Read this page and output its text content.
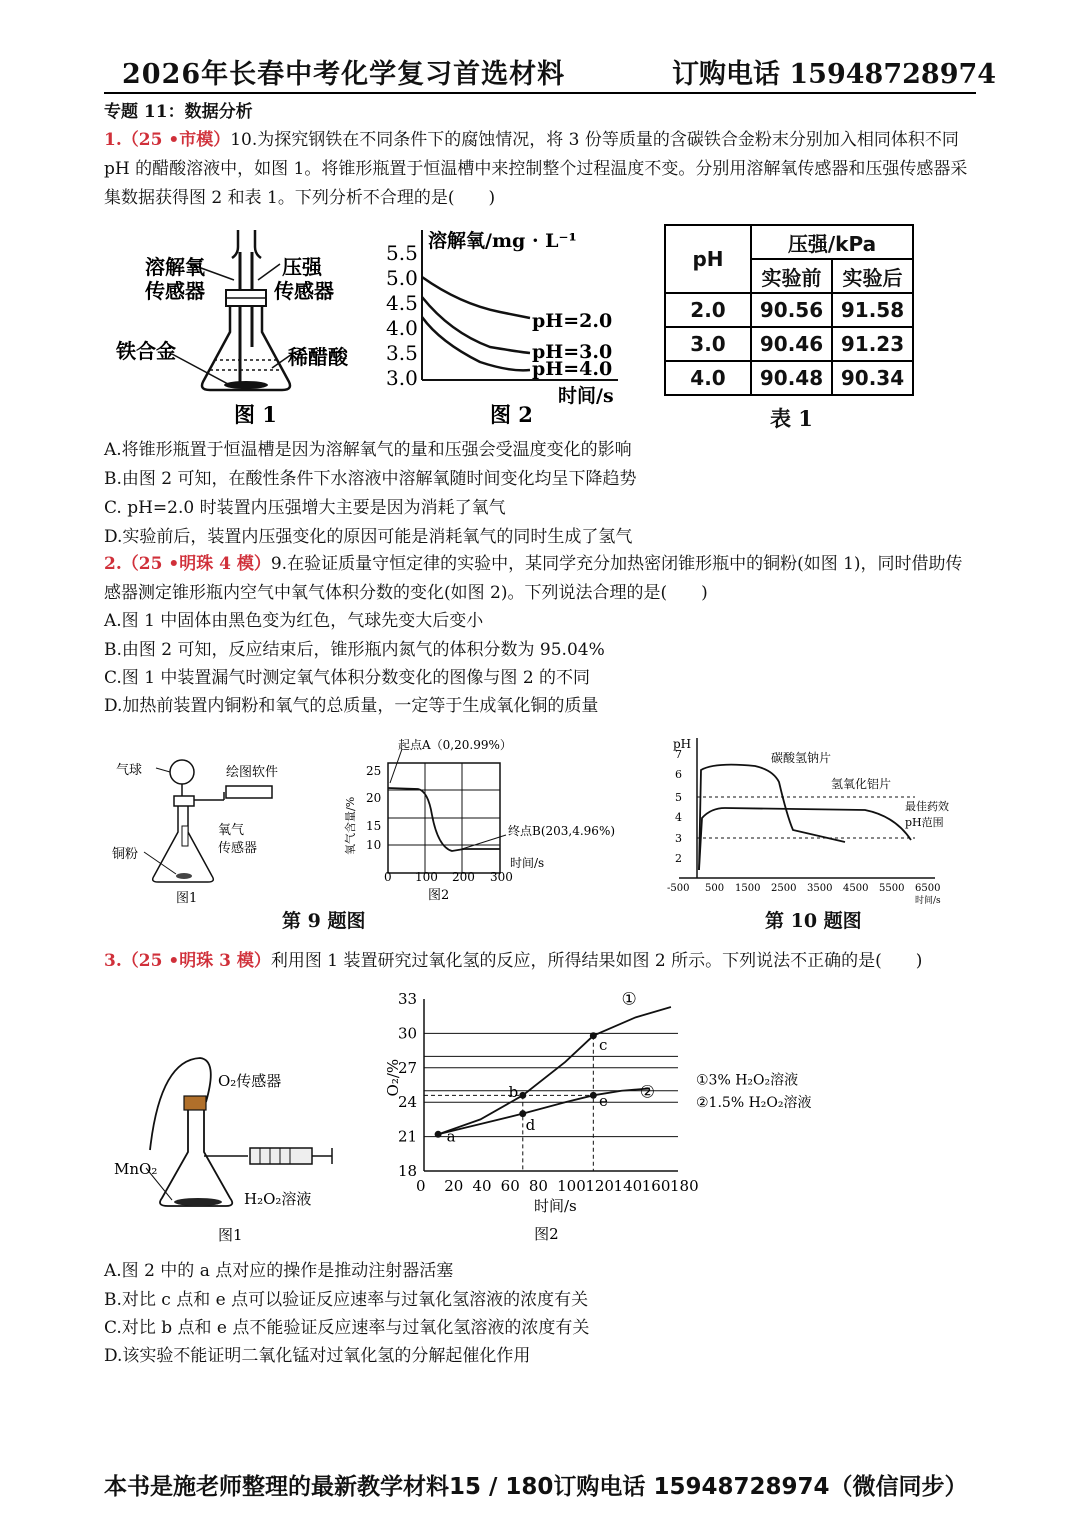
2026年长春中考化学复习首选材料	订购电话 15948728974
专题 11：数据分析
1.（25 •市模）10.为探究钢铁在不同条件下的腐蚀情况，将 3 份等质量的含碳铁合金粉末分别加入相同体积不同 pH 的醋酸溶液中，如图 1。将锥形瓶置于恒温槽中来控制整个过程温度不变。分别用溶解氧传感器和压强传感器采集数据获得图 2 和表 1。下列分析不合理的是(　　)
溶解氧
传感器
压强
传感器
铁合金	稀醋酸
图 1
溶解氧/mg · L⁻¹
5.5
5.0
4.5
4.0
3.5
3.0
pH=2.0
pH=3.0
pH=4.0
时间/s
图 2
pH	压强/kPa	
	实验前	实验后
2.0	90.56	91.58
3.0	90.46	91.23
4.0	90.48	90.34
表 1
A.将锥形瓶置于恒温槽是因为溶解氧气的量和压强会受温度变化的影响
B.由图 2 可知，在酸性条件下水溶液中溶解氧随时间变化均呈下降趋势
C. pH=2.0 时装置内压强增大主要是因为消耗了氧气
D.实验前后，装置内压强变化的原因可能是消耗氧气的同时生成了氢气
2.（25 •明珠 4 模）9.在验证质量守恒定律的实验中，某同学充分加热密闭锥形瓶中的铜粉(如图 1)，同时借助传感器测定锥形瓶内空气中氧气体积分数的变化(如图 2)。下列说法合理的是(　　)
A.图 1 中固体由黑色变为红色，气球先变大后变小
B.由图 2 可知，反应结束后，锥形瓶内氮气的体积分数为 95.04%
C.图 1 中装置漏气时测定氧气体积分数变化的图像与图 2 的不同
D.加热前装置内铜粉和氧气的总质量，一定等于生成氧化铜的质量
气球	绘图软件
氧气
传感器
铜粉
图1
起点A（0,20.99%）
终点B(203,4.96%)
25
20
15
10
0 100 200 300
时间/s
氧气含量/%
图2
pH
7
6
5
4
3
2
-500 500 1500 2500 3500 4500 5500 6500
时间/s
碳酸氢钠片
氢氧化铝片
最佳药效
pH范围
第 9 题图	第 10 题图
3.（25 •明珠 3 模）利用图 1 装置研究过氧化氢的反应，所得结果如图 2 所示。下列说法不正确的是(　　)
O₂传感器
MnO₂
H₂O₂溶液
图1
33
30
27
24
21
18
0 20 40 60 80 100 120 140 160 180
a
b
c
d
e
①
②
①3% H₂O₂溶液
②1.5% H₂O₂溶液
O₂/%
时间/s
图2
A.图 2 中的 a 点对应的操作是推动注射器活塞
B.对比 c 点和 e 点可以验证反应速率与过氧化氢溶液的浓度有关
C.对比 b 点和 e 点不能验证反应速率与过氧化氢溶液的浓度有关
D.该实验不能证明二氧化锰对过氧化氢的分解起催化作用
本书是施老师整理的最新教学材料15 / 180订购电话 15948728974（微信同步）
